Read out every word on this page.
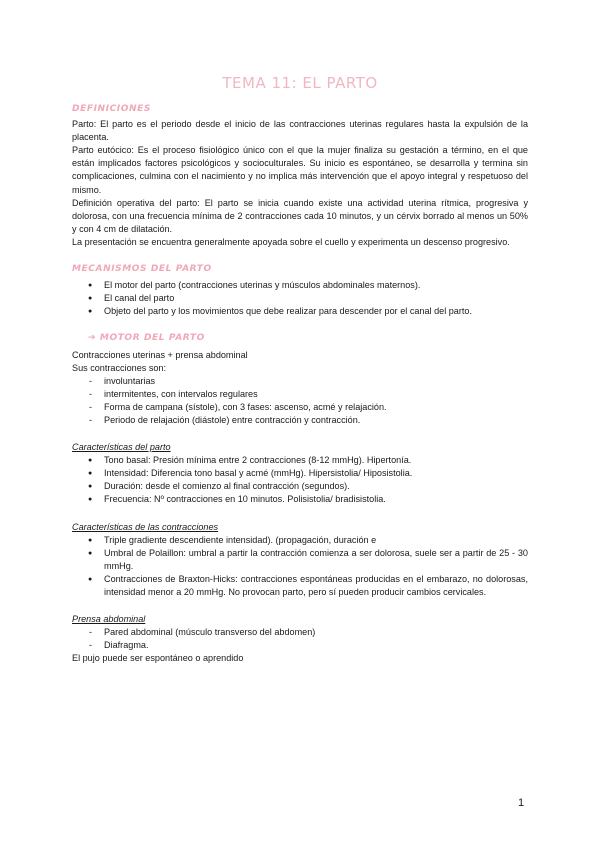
TEMA 11: EL PARTO
DEFINICIONES
Parto: El parto es el periodo desde el inicio de las contracciones uterinas regulares hasta la expulsión de la placenta.
Parto eutócico: Es el proceso fisiológico único con el que la mujer finaliza su gestación a término, en el que están implicados factores psicológicos y socioculturales. Su inicio es espontáneo, se desarrolla y termina sin complicaciones, culmina con el nacimiento y no implica más intervención que el apoyo integral y respetuoso del mismo.
Definición operativa del parto: El parto se inicia cuando existe una actividad uterina rítmica, progresiva y dolorosa, con una frecuencia mínima de 2 contracciones cada 10 minutos, y un cérvix borrado al menos un 50% y con 4 cm de dilatación.
La presentación se encuentra generalmente apoyada sobre el cuello y experimenta un descenso progresivo.
MECANISMOS DEL PARTO
● El motor del parto (contracciones uterinas y músculos abdominales maternos).
● El canal del parto
● Objeto del parto y los movimientos que debe realizar para descender por el canal del parto.
➔ MOTOR DEL PARTO
Contracciones uterinas + prensa abdominal
Sus contracciones son:
- involuntarias
- intermitentes, con intervalos regulares
- Forma de campana (sístole), con 3 fases: ascenso, acmé y relajación.
- Periodo de relajación (diástole) entre contracción y contracción.
Características del parto
● Tono basal: Presión mínima entre 2 contracciones (8-12 mmHg). Hipertonía.
● Intensidad: Diferencia tono basal y acmé (mmHg). Hipersistolia/ Hiposistolia.
● Duración: desde el comienzo al final contracción (segundos).
● Frecuencia: Nº contracciones en 10 minutos. Polisistolia/ bradisistolia.
Características de las contracciones
● Triple gradiente descendiente intensidad). (propagación, duración e
● Umbral de Polaillon: umbral a partir la contracción comienza a ser dolorosa, suele ser a partir de 25 - 30 mmHg.
● Contracciones de Braxton-Hicks: contracciones espontáneas producidas en el embarazo, no dolorosas, intensidad menor a 20 mmHg. No provocan parto, pero sí pueden producir cambios cervicales.
Prensa abdominal
- Pared abdominal (músculo transverso del abdomen)
- Diafragma.
El pujo puede ser espontáneo o aprendido
1
